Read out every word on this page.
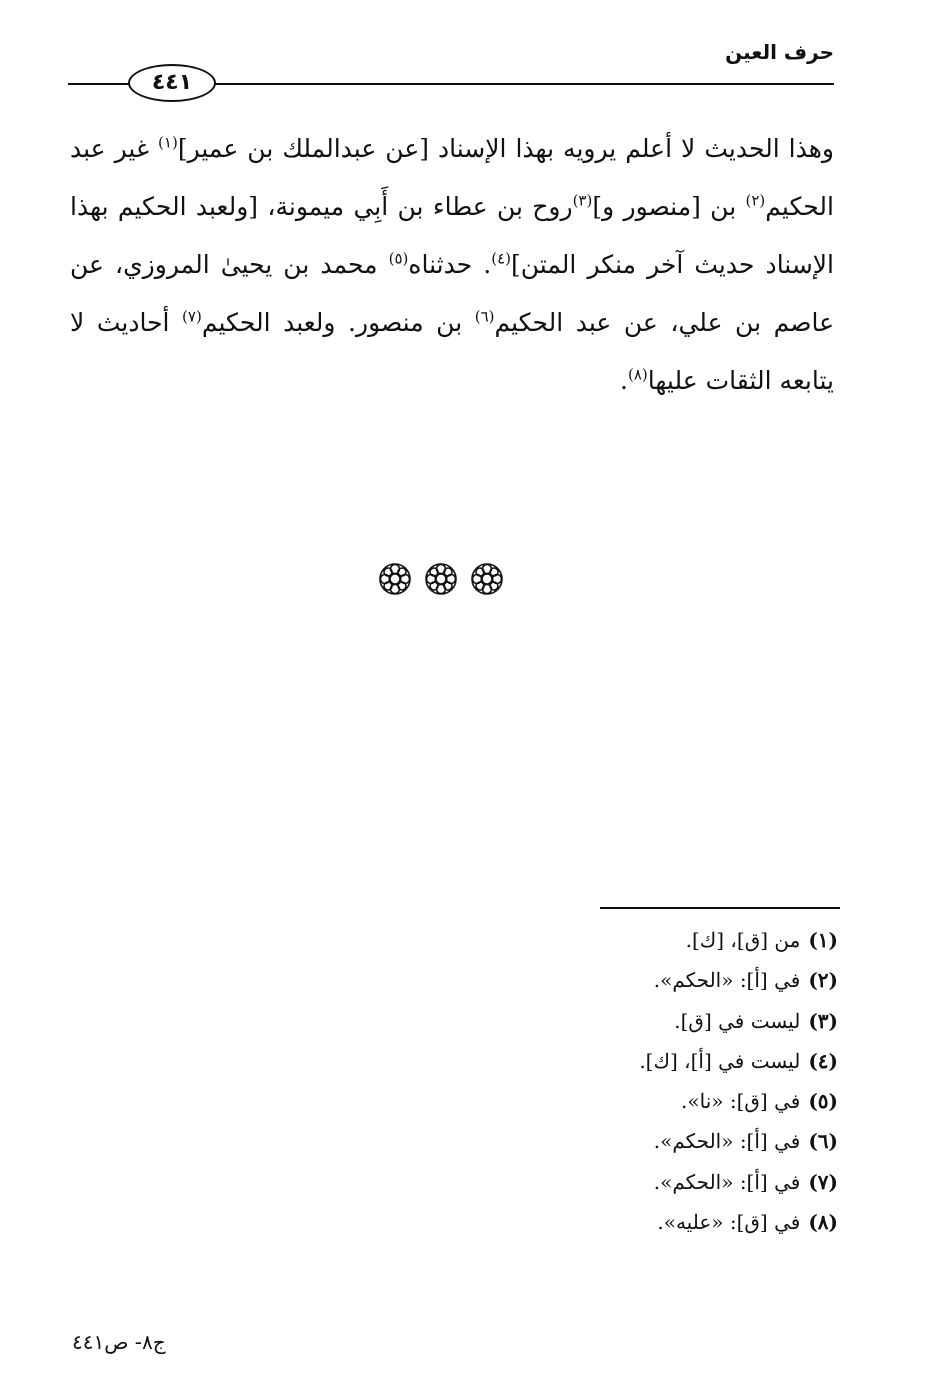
حرف العين
٤٤١
وهذا الحديث لا أعلم يرويه بهذا الإسناد [عن عبدالملك بن عمير]$^{(١)}$ غير عبد الحكيم$^{(٢)}$ بن [منصور و]$^{(٣)}$روح بن عطاء بن أَبِي ميمونة، [ولعبد الحكيم بهذا الإسناد حديث آخر منكر المتن]$^{(٤)}$. حدثناه$^{(٥)}$ محمد بن يحيىٰ المروزي، عن عاصم بن علي، عن عبد الحكيم$^{(٦)}$ بن منصور. ولعبد الحكيم$^{(٧)}$ أحاديث لا يتابعه الثقات عليها$^{(٨)}$.
(١)من [ق]، [ك].
(٢)في [أ]: «الحكم».
(٣)ليست في [ق].
(٤)ليست في [أ]، [ك].
(٥)في [ق]: «نا».
(٦)في [أ]: «الحكم».
(٧)في [أ]: «الحكم».
(٨)في [ق]: «عليه».
ج٨- ص٤٤١
